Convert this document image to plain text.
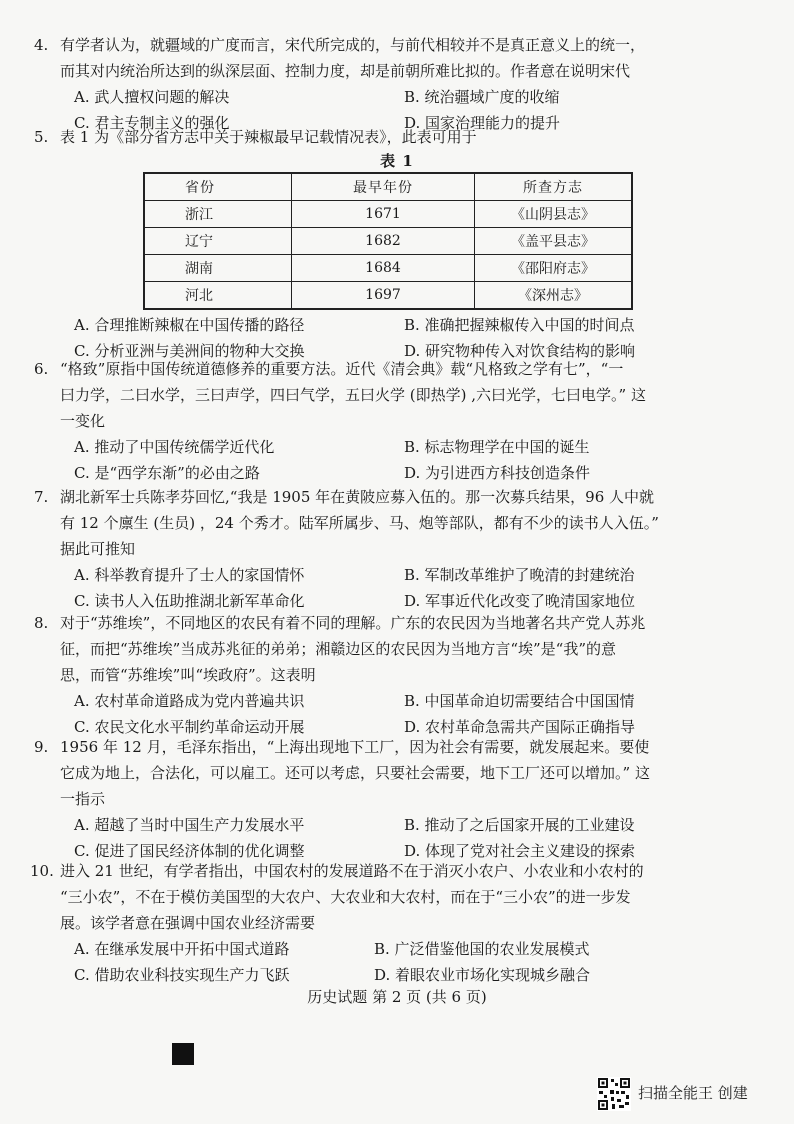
4. 有学者认为，就疆域的广度而言，宋代所完成的，与前代相较并不是真正意义上的统一，
而其对内统治所达到的纵深层面、控制力度，却是前朝所难比拟的。作者意在说明宋代
A. 武人擅权问题的解决	B. 统治疆域广度的收缩
C. 君主专制主义的强化	D. 国家治理能力的提升
5. 表 1 为《部分省方志中关于辣椒最早记载情况表》，此表可用于
表 1
省份	最早年份	所查方志
浙江	1671	《山阴县志》
辽宁	1682	《盖平县志》
湖南	1684	《邵阳府志》
河北	1697	《深州志》
A. 合理推断辣椒在中国传播的路径	B. 准确把握辣椒传入中国的时间点
C. 分析亚洲与美洲间的物种大交换	D. 研究物种传入对饮食结构的影响
6. “格致”原指中国传统道德修养的重要方法。近代《清会典》载“凡格致之学有七”，“一
曰力学，二曰水学，三曰声学，四曰气学，五曰火学 (即热学) ,六曰光学，七曰电学。” 这
一变化
A. 推动了中国传统儒学近代化	B. 标志物理学在中国的诞生
C. 是“西学东渐”的必由之路	D. 为引进西方科技创造条件
7. 湖北新军士兵陈孝芬回忆,“我是 1905 年在黄陂应募入伍的。那一次募兵结果，96 人中就
有 12 个廪生 (生员) ，24 个秀才。陆军所属步、马、炮等部队，都有不少的读书人入伍。”
据此可推知
A. 科举教育提升了士人的家国情怀	B. 军制改革维护了晚清的封建统治
C. 读书人入伍助推湖北新军革命化	D. 军事近代化改变了晚清国家地位
8. 对于“苏维埃”，不同地区的农民有着不同的理解。广东的农民因为当地著名共产党人苏兆
征，而把“苏维埃”当成苏兆征的弟弟；湘赣边区的农民因为当地方言“埃”是“我”的意
思，而管“苏维埃”叫“埃政府”。这表明
A. 农村革命道路成为党内普遍共识	B. 中国革命迫切需要结合中国国情
C. 农民文化水平制约革命运动开展	D. 农村革命急需共产国际正确指导
9. 1956 年 12 月，毛泽东指出，“上海出现地下工厂，因为社会有需要，就发展起来。要使
它成为地上，合法化，可以雇工。还可以考虑，只要社会需要，地下工厂还可以增加。” 这
一指示
A. 超越了当时中国生产力发展水平	B. 推动了之后国家开展的工业建设
C. 促进了国民经济体制的优化调整	D. 体现了党对社会主义建设的探索
10. 进入 21 世纪，有学者指出，中国农村的发展道路不在于消灭小农户、小农业和小农村的
“三小农”，不在于模仿美国型的大农户、大农业和大农村，而在于“三小农”的进一步发
展。该学者意在强调中国农业经济需要
A. 在继承发展中开拓中国式道路	B. 广泛借鉴他国的农业发展模式
C. 借助农业科技实现生产力飞跃	D. 着眼农业市场化实现城乡融合
历史试题 第 2 页 (共 6 页)
扫描全能王 创建
